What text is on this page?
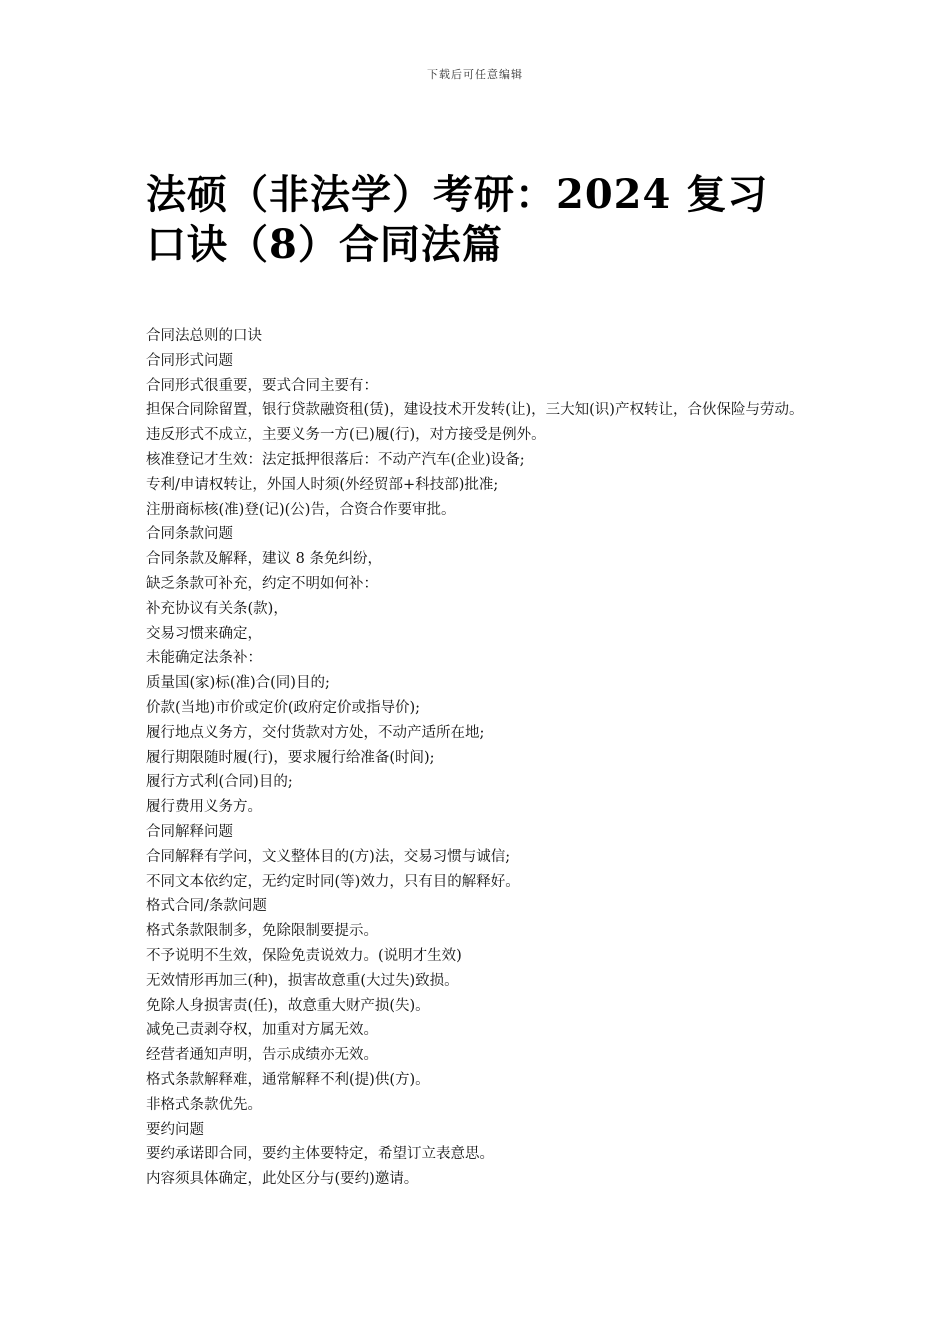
下载后可任意编辑
法硕（非法学）考研：2024 复习
口诀（8）合同法篇

合同法总则的口诀

合同形式问题

合同形式很重要，要式合同主要有：

担保合同除留置，银行贷款融资租(赁)，建设技术开发转(让)，三大知(识)产权转让，合伙保险与劳动。

违反形式不成立，主要义务一方(已)履(行)，对方接受是例外。

核准登记才生效：法定抵押很落后：不动产汽车(企业)设备;

专利/申请权转让，外国人时须(外经贸部+科技部)批准;

注册商标核(准)登(记)(公)告，合资合作要审批。

合同条款问题

合同条款及解释，建议 8 条免纠纷，

缺乏条款可补充，约定不明如何补：

补充协议有关条(款)，

交易习惯来确定，

未能确定法条补：

质量国(家)标(准)合(同)目的;

价款(当地)市价或定价(政府定价或指导价);

履行地点义务方，交付货款对方处，不动产适所在地;

履行期限随时履(行)，要求履行给准备(时间);

履行方式利(合同)目的;

履行费用义务方。

合同解释问题

合同解释有学问，文义整体目的(方)法，交易习惯与诚信;

不同文本依约定，无约定时同(等)效力，只有目的解释好。

格式合同/条款问题

格式条款限制多，免除限制要提示。

不予说明不生效，保险免责说效力。(说明才生效)

无效情形再加三(种)，损害故意重(大过失)致损。

免除人身损害责(任)，故意重大财产损(失)。

减免己责剥夺权，加重对方属无效。

经营者通知声明，告示成绩亦无效。

格式条款解释难，通常解释不利(提)供(方)。

非格式条款优先。

要约问题

要约承诺即合同，要约主体要特定，希望订立表意思。

内容须具体确定，此处区分与(要约)邀请。
